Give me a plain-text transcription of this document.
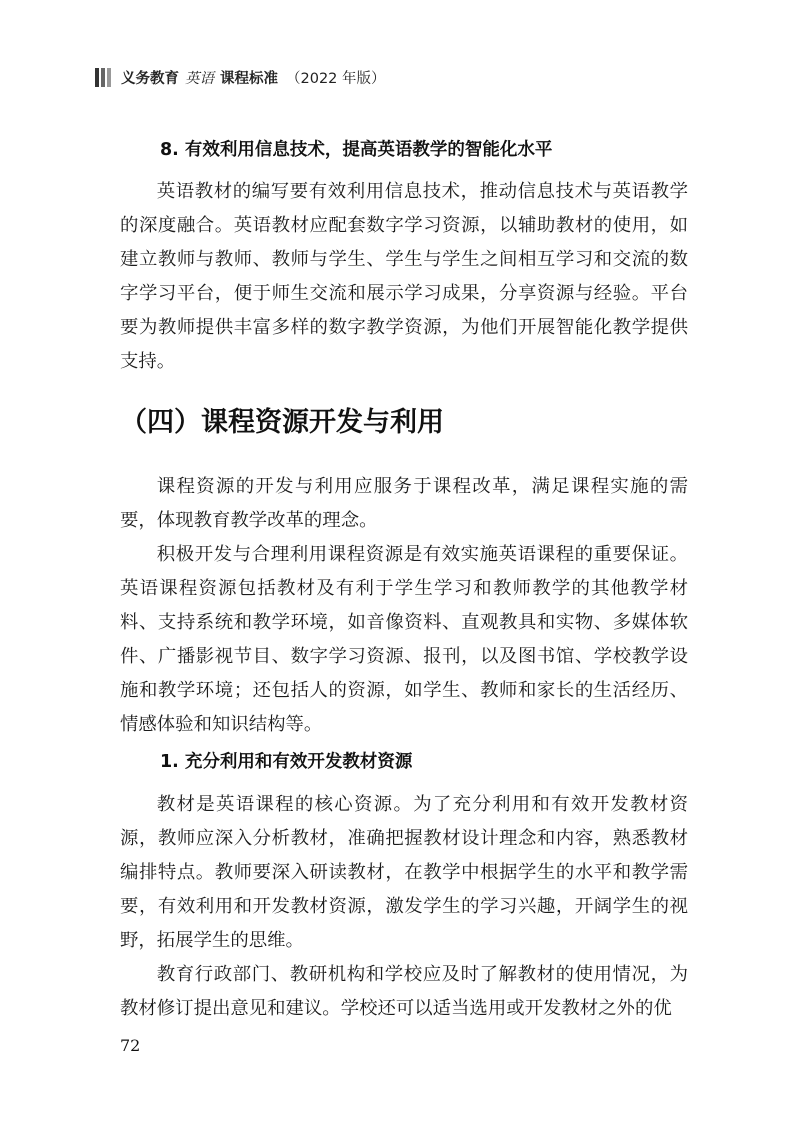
义务教育 英语 课程标准 （2022 年版）
8. 有效利用信息技术，提高英语教学的智能化水平

英语教材的编写要有效利用信息技术，推动信息技术与英语教学的深度融合。英语教材应配套数字学习资源，以辅助教材的使用，如建立教师与教师、教师与学生、学生与学生之间相互学习和交流的数字学习平台，便于师生交流和展示学习成果，分享资源与经验。平台要为教师提供丰富多样的数字教学资源，为他们开展智能化教学提供支持。

（四）课程资源开发与利用

课程资源的开发与利用应服务于课程改革，满足课程实施的需要，体现教育教学改革的理念。

积极开发与合理利用课程资源是有效实施英语课程的重要保证。英语课程资源包括教材及有利于学生学习和教师教学的其他教学材料、支持系统和教学环境，如音像资料、直观教具和实物、多媒体软件、广播影视节目、数字学习资源、报刊，以及图书馆、学校教学设施和教学环境；还包括人的资源，如学生、教师和家长的生活经历、情感体验和知识结构等。

1. 充分利用和有效开发教材资源

教材是英语课程的核心资源。为了充分利用和有效开发教材资源，教师应深入分析教材，准确把握教材设计理念和内容，熟悉教材编排特点。教师要深入研读教材，在教学中根据学生的水平和教学需要，有效利用和开发教材资源，激发学生的学习兴趣，开阔学生的视野，拓展学生的思维。

教育行政部门、教研机构和学校应及时了解教材的使用情况，为教材修订提出意见和建议。学校还可以适当选用或开发教材之外的优

72
